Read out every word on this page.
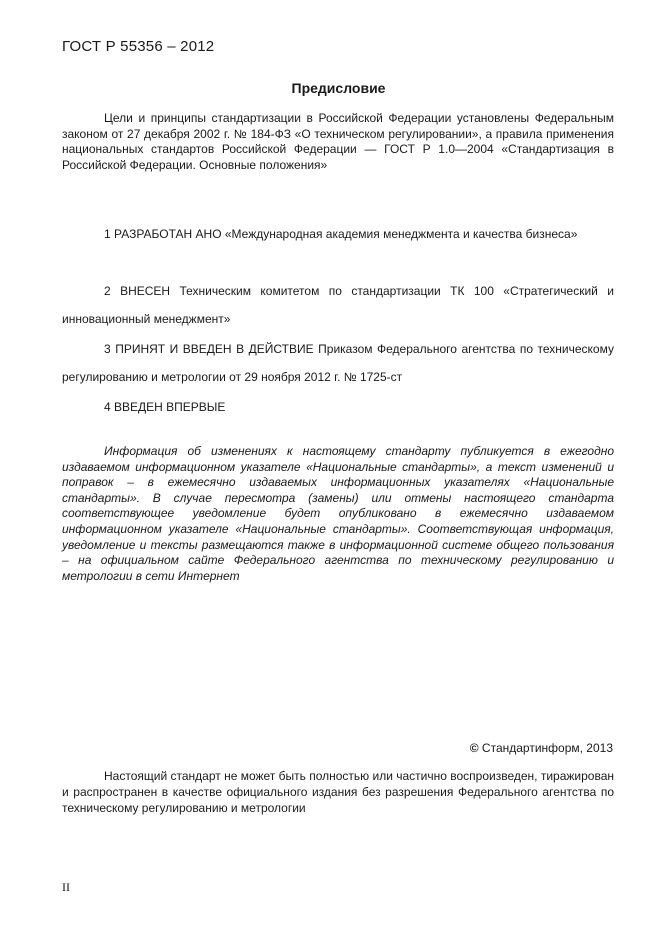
ГОСТ Р 55356 – 2012
Предисловие

Цели и принципы стандартизации в Российской Федерации установлены Федеральным законом от 27 декабря 2002 г. № 184-ФЗ «О техническом регулировании», а правила применения национальных стандартов Российской Федерации — ГОСТ Р 1.0—2004 «Стандартизация в Российской Федерации. Основные положения»

1 РАЗРАБОТАН АНО «Международная академия менеджмента и качества бизнеса»

2 ВНЕСЕН Техническим комитетом по стандартизации ТК 100 «Стратегический и инновационный менеджмент»

3 ПРИНЯТ И ВВЕДЕН В ДЕЙСТВИЕ Приказом Федерального агентства по техническому регулированию и метрологии от 29 ноября 2012 г. № 1725-ст

4 ВВЕДЕН ВПЕРВЫЕ

Информация об изменениях к настоящему стандарту публикуется в ежегодно издаваемом информационном указателе «Национальные стандарты», а текст изменений и поправок – в ежемесячно издаваемых информационных указателях «Национальные стандарты». В случае пересмотра (замены) или отмены настоящего стандарта соответствующее уведомление будет опубликовано в ежемесячно издаваемом информационном указателе «Национальные стандарты». Соответствующая информация, уведомление и тексты размещаются также в информационной системе общего пользования – на официальном сайте Федерального агентства по техническому регулированию и метрологии в сети Интернет

© Стандартинформ, 2013

Настоящий стандарт не может быть полностью или частично воспроизведен, тиражирован и распространен в качестве официального издания без разрешения Федерального агентства по техническому регулированию и метрологии

II
